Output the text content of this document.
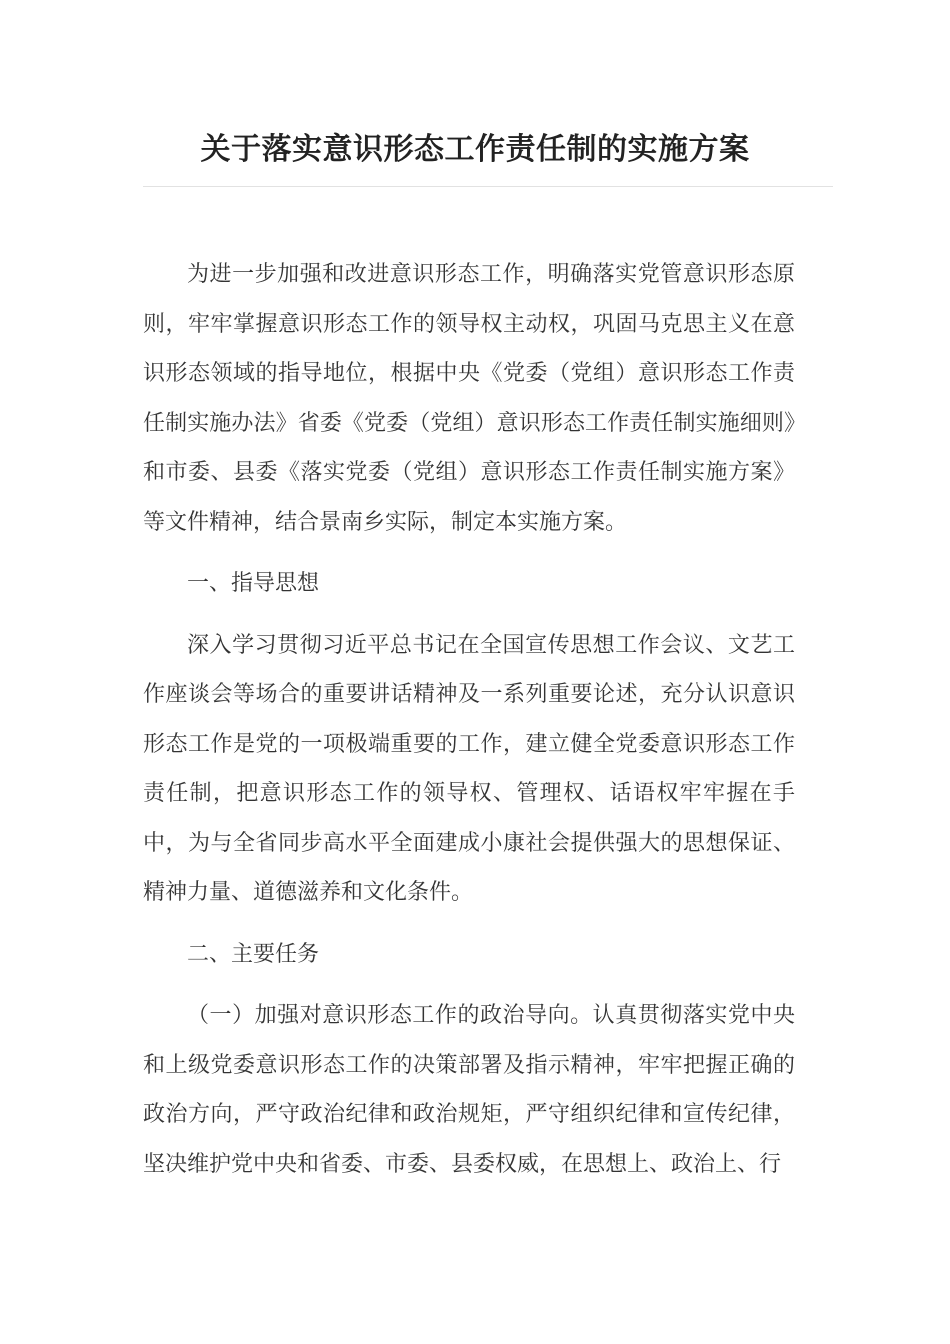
关于落实意识形态工作责任制的实施方案

为进一步加强和改进意识形态工作，明确落实党管意识形态原则，牢牢掌握意识形态工作的领导权主动权，巩固马克思主义在意识形态领域的指导地位，根据中央《党委（党组）意识形态工作责任制实施办法》省委《党委（党组）意识形态工作责任制实施细则》和市委、县委《落实党委（党组）意识形态工作责任制实施方案》等文件精神，结合景南乡实际，制定本实施方案。

一、指导思想

深入学习贯彻习近平总书记在全国宣传思想工作会议、文艺工作座谈会等场合的重要讲话精神及一系列重要论述，充分认识意识形态工作是党的一项极端重要的工作，建立健全党委意识形态工作责任制，把意识形态工作的领导权、管理权、话语权牢牢握在手中，为与全省同步高水平全面建成小康社会提供强大的思想保证、精神力量、道德滋养和文化条件。

二、主要任务

（一）加强对意识形态工作的政治导向。认真贯彻落实党中央和上级党委意识形态工作的决策部署及指示精神，牢牢把握正确的政治方向，严守政治纪律和政治规矩，严守组织纪律和宣传纪律，坚决维护党中央和省委、市委、县委权威，在思想上、政治上、行
